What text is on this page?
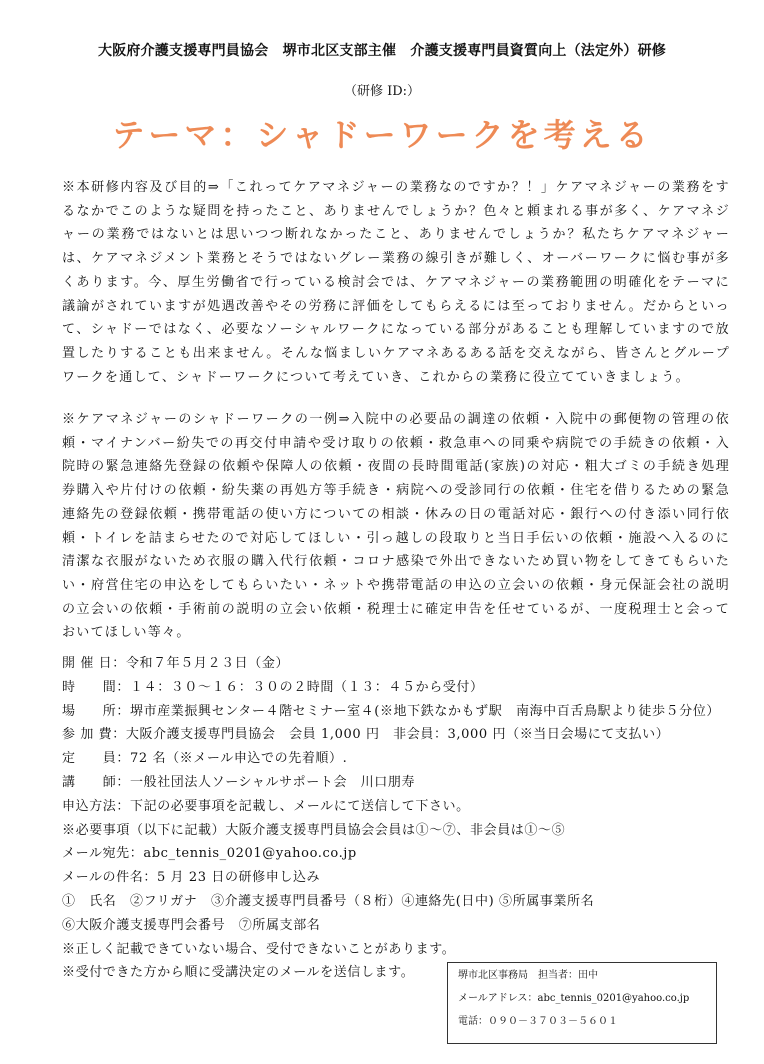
大阪府介護支援専門員協会　堺市北区支部主催　介護支援専門員資質向上（法定外）研修
（研修 ID:）
テーマ：シャドーワークを考える
※本研修内容及び目的⇒「これってケアマネジャーの業務なのですか？！」ケアマネジャーの業務をするなかでこのような疑問を持ったこと、ありませんでしょうか？色々と頼まれる事が多く、ケアマネジャーの業務ではないとは思いつつ断れなかったこと、ありませんでしょうか？私たちケアマネジャーは、ケアマネジメント業務とそうではないグレー業務の線引きが難しく、オーバーワークに悩む事が多くあります。今、厚生労働省で行っている検討会では、ケアマネジャーの業務範囲の明確化をテーマに議論がされていますが処遇改善やその労務に評価をしてもらえるには至っておりません。だからといって、シャドーではなく、必要なソーシャルワークになっている部分があることも理解していますので放置したりすることも出来ません。そんな悩ましいケアマネあるある話を交えながら、皆さんとグループワークを通して、シャドーワークについて考えていき、これからの業務に役立てていきましょう。
※ケアマネジャーのシャドーワークの一例⇒入院中の必要品の調達の依頼・入院中の郵便物の管理の依頼・マイナンバー紛失での再交付申請や受け取りの依頼・救急車への同乗や病院での手続きの依頼・入院時の緊急連絡先登録の依頼や保障人の依頼・夜間の長時間電話(家族)の対応・粗大ゴミの手続き処理券購入や片付けの依頼・紛失薬の再処方等手続き・病院への受診同行の依頼・住宅を借りるための緊急連絡先の登録依頼・携帯電話の使い方についての相談・休みの日の電話対応・銀行への付き添い同行依頼・トイレを詰まらせたので対応してほしい・引っ越しの段取りと当日手伝いの依頼・施設へ入るのに清潔な衣服がないため衣服の購入代行依頼・コロナ感染で外出できないため買い物をしてきてもらいたい・府営住宅の申込をしてもらいたい・ネットや携帯電話の申込の立会いの依頼・身元保証会社の説明の立会いの依頼・手術前の説明の立会い依頼・税理士に確定申告を任せているが、一度税理士と会っておいてほしい等々。
開 催 日：令和７年５月２３日（金）
時　　間：１４：３０～１６：３０の２時間（１３：４５から受付）
場　　所：堺市産業振興センター４階セミナー室４(※地下鉄なかもず駅　南海中百舌鳥駅より徒歩５分位）
参 加 費：大阪介護支援専門員協会　会員 1,000 円　非会員：3,000 円（※当日会場にて支払い）
定　　員：72 名（※メール申込での先着順）.
講　　師：一般社団法人ソーシャルサポート会　川口朋寿
申込方法：下記の必要事項を記載し、メールにて送信して下さい。
※必要事項（以下に記載）大阪介護支援専門員協会会員は①～⑦、非会員は①～⑤
メール宛先：abc_tennis_0201@yahoo.co.jp
メールの件名：5 月 23 日の研修申し込み
①　氏名　②フリガナ　③介護支援専門員番号（８桁）④連絡先(日中) ⑤所属事業所名
⑥大阪介護支援専門会番号　⑦所属支部名
※正しく記載できていない場合、受付できないことがあります。
※受付できた方から順に受講決定のメールを送信します。	堺市北区事務局　担当者：田中
メールアドレス：abc_tennis_0201@yahoo.co.jp
電話：０９０－３７０３－５６０１
